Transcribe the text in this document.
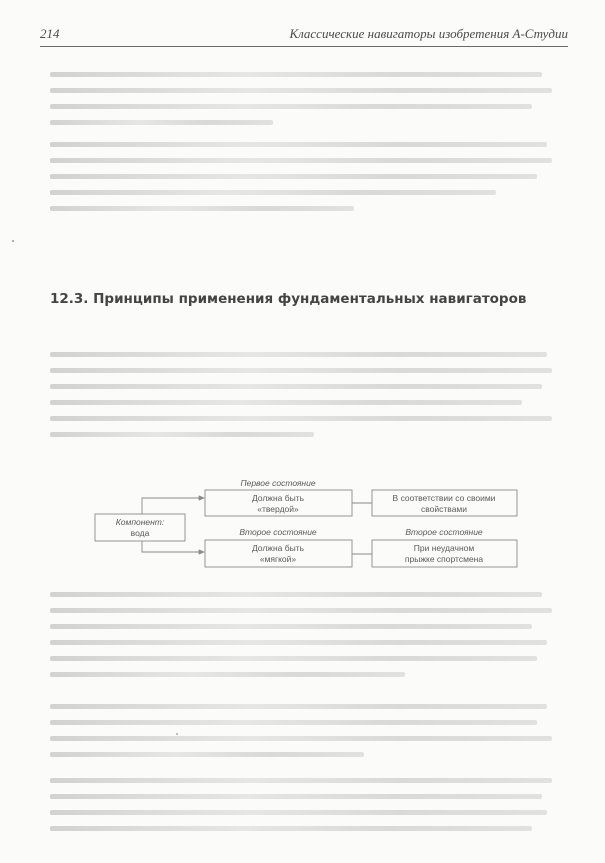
214	Классические навигаторы изобретения А-Студии
12.3. Принципы применения фундаментальных навигаторов
Компонент:
вода
Первое состояние
Должна быть
«твердой»
В соответствии со своими
свойствами
Второе состояние
Должна быть
«мягкой»
Второе состояние
При неудачном
прыжке спортсмена
